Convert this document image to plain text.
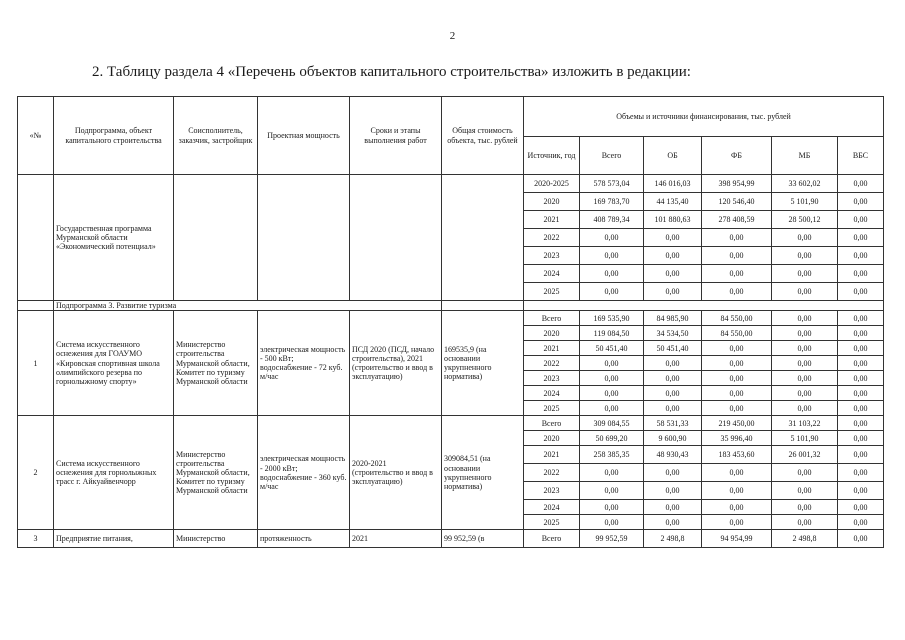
2
2. Таблицу раздела 4 «Перечень объектов капитального строительства» изложить в редакции:
«№	Подпрограмма, объект капитального строительства	Соисполнитель, заказчик, застройщик	Проектная мощность	Сроки и этапы выполнения работ	Общая стоимость объекта, тыс. рублей	Объемы и источники финансирования, тыс. рублей					
						Источник, год	Всего	ОБ	ФБ	МБ	ВБС
	Государственная программа Мурманской области «Экономический потенциал»					2020-2025	578 573,04	146 016,03	398 954,99	33 602,02	0,00
						2020	169 783,70	44 135,40	120 546,40	5 101,90	0,00
						2021	408 789,34	101 880,63	278 408,59	28 500,12	0,00
						2022	0,00	0,00	0,00	0,00	0,00
						2023	0,00	0,00	0,00	0,00	0,00
						2024	0,00	0,00	0,00	0,00	0,00
						2025	0,00	0,00	0,00	0,00	0,00
	Подпрограмма 3. Развитие туризма										
1	Система искусственного оснежения для ГОАУМО «Кировская спортивная школа олимпийского резерва по горнолыжному спорту»	Министерство строительства Мурманской области, Комитет по туризму Мурманской области	электрическая мощность - 500 кВт; водоснабжение - 72 куб. м/час	ПСД 2020 (ПСД, начало строительства), 2021 (строительство и ввод в эксплуатацию)	169535,9 (на основании укрупненного норматива)	Всего	169 535,90	84 985,90	84 550,00	0,00	0,00
						2020	119 084,50	34 534,50	84 550,00	0,00	0,00
						2021	50 451,40	50 451,40	0,00	0,00	0,00
						2022	0,00	0,00	0,00	0,00	0,00
						2023	0,00	0,00	0,00	0,00	0,00
						2024	0,00	0,00	0,00	0,00	0,00
						2025	0,00	0,00	0,00	0,00	0,00
2	Система искусственного оснежения для горнолыжных трасс г. Айкуайвенчорр	Министерство строительства Мурманской области, Комитет по туризму Мурманской области	электрическая мощность - 2000 кВт; водоснабжение - 360 куб. м/час	2020-2021 (строительство и ввод в эксплуатацию)	309084,51 (на основании укрупненного норматива)	Всего	309 084,55	58 531,33	219 450,00	31 103,22	0,00
						2020	50 699,20	9 600,90	35 996,40	5 101,90	0,00
						2021	258 385,35	48 930,43	183 453,60	26 001,32	0,00
						2022	0,00	0,00	0,00	0,00	0,00
						2023	0,00	0,00	0,00	0,00	0,00
						2024	0,00	0,00	0,00	0,00	0,00
						2025	0,00	0,00	0,00	0,00	0,00
3	Предприятие питания,	Министерство	протяженность	2021	99 952,59 (в	Всего	99 952,59	2 498,8	94 954,99	2 498,8	0,00
